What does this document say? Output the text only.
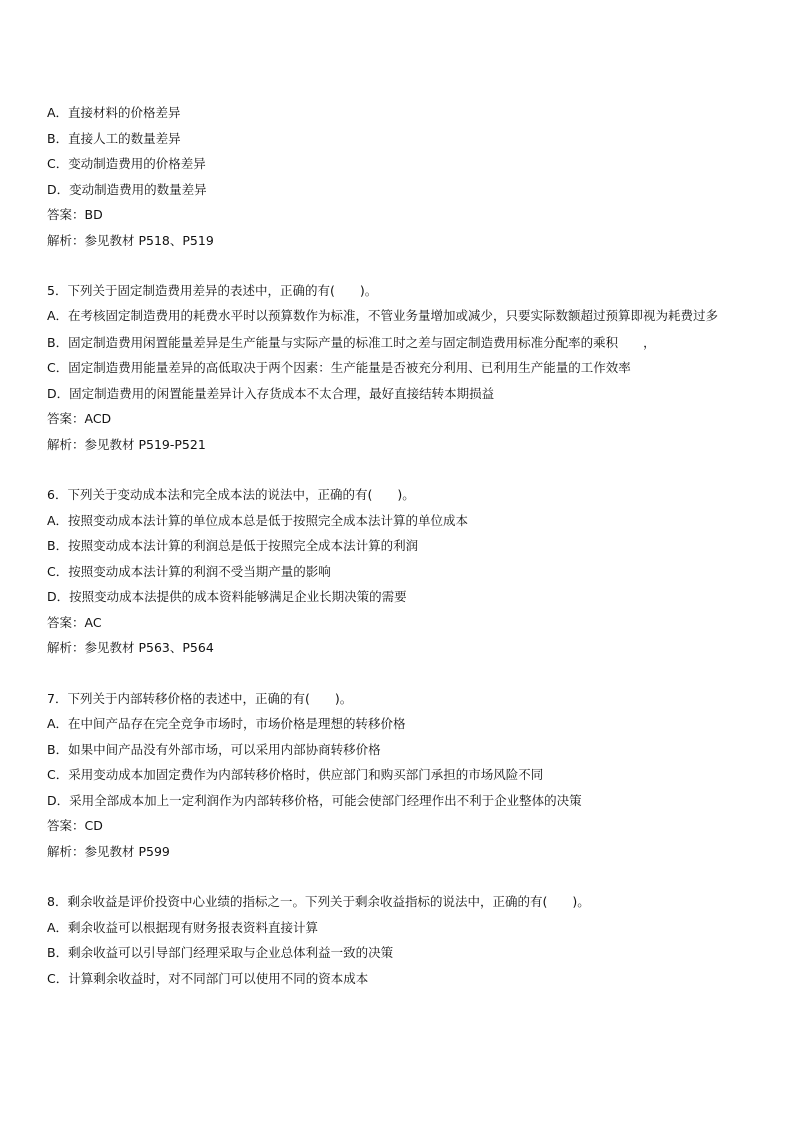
A．直接材料的价格差异
B．直接人工的数量差异
C．变动制造费用的价格差异
D．变动制造费用的数量差异
答案：BD
解析：参见教材 P518、P519
5．下列关于固定制造费用差异的表述中，正确的有(　　)。
A．在考核固定制造费用的耗费水平时以预算数作为标准，不管业务量增加或减少，只要实际数额超过预算即视为耗费过多
B．固定制造费用闲置能量差异是生产能量与实际产量的标准工时之差与固定制造费用标准分配率的乘积　　，
C．固定制造费用能量差异的高低取决于两个因素：生产能量是否被充分利用、已利用生产能量的工作效率
D．固定制造费用的闲置能量差异计入存货成本不太合理，最好直接结转本期损益
答案：ACD
解析：参见教材 P519-P521
6．下列关于变动成本法和完全成本法的说法中，正确的有(　　)。
A．按照变动成本法计算的单位成本总是低于按照完全成本法计算的单位成本
B．按照变动成本法计算的利润总是低于按照完全成本法计算的利润
C．按照变动成本法计算的利润不受当期产量的影响
D．按照变动成本法提供的成本资料能够满足企业长期决策的需要
答案：AC
解析：参见教材 P563、P564
7．下列关于内部转移价格的表述中，正确的有(　　)。
A．在中间产品存在完全竞争市场时，市场价格是理想的转移价格
B．如果中间产品没有外部市场，可以采用内部协商转移价格
C．采用变动成本加固定费作为内部转移价格时，供应部门和购买部门承担的市场风险不同
D．采用全部成本加上一定利润作为内部转移价格，可能会使部门经理作出不利于企业整体的决策
答案：CD
解析：参见教材 P599
8．剩余收益是评价投资中心业绩的指标之一。下列关于剩余收益指标的说法中，正确的有(　　)。
A．剩余收益可以根据现有财务报表资料直接计算
B．剩余收益可以引导部门经理采取与企业总体利益一致的决策
C．计算剩余收益时，对不同部门可以使用不同的资本成本
